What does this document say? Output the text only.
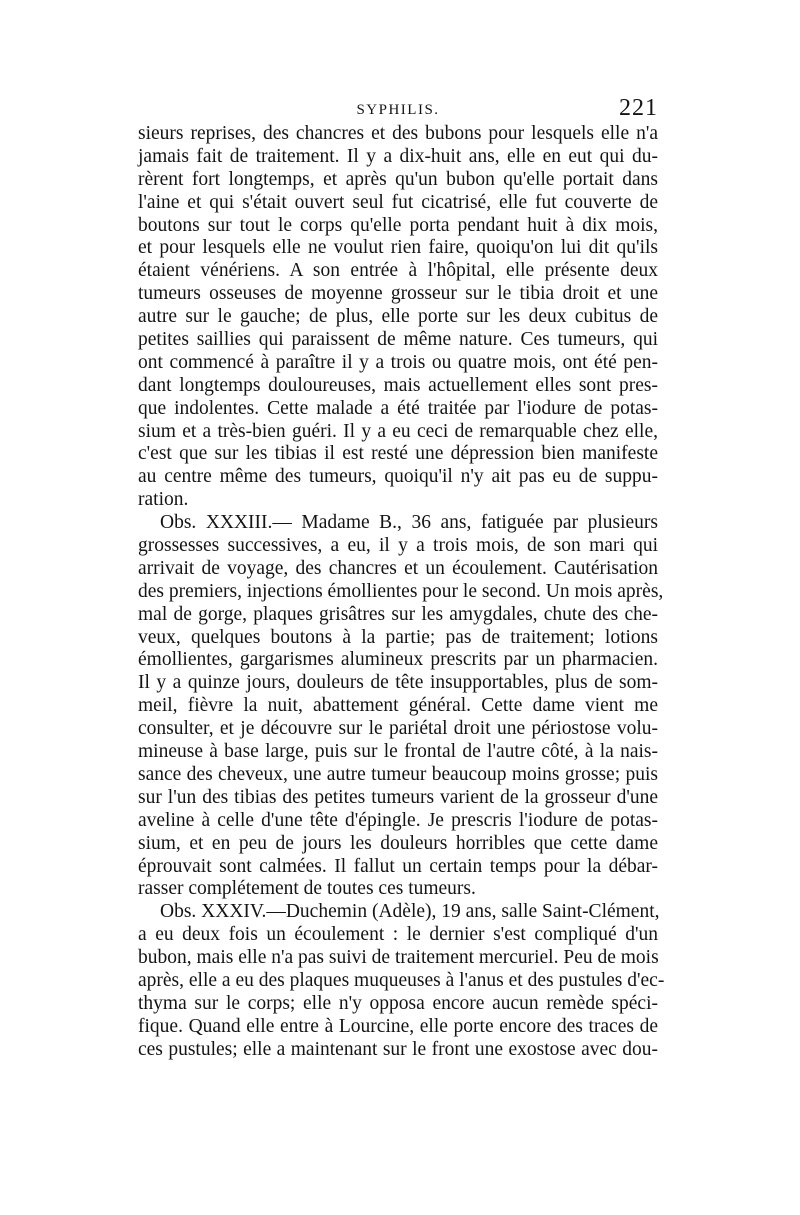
SYPHILIS.	221
sieurs reprises, des chancres et des bubons pour lesquels elle n'a
jamais fait de traitement. Il y a dix-huit ans, elle en eut qui du-
rèrent fort longtemps, et après qu'un bubon qu'elle portait dans
l'aine et qui s'était ouvert seul fut cicatrisé, elle fut couverte de
boutons sur tout le corps qu'elle porta pendant huit à dix mois,
et pour lesquels elle ne voulut rien faire, quoiqu'on lui dit qu'ils
étaient vénériens. A son entrée à l'hôpital, elle présente deux
tumeurs osseuses de moyenne grosseur sur le tibia droit et une
autre sur le gauche; de plus, elle porte sur les deux cubitus de
petites saillies qui paraissent de même nature. Ces tumeurs, qui
ont commencé à paraître il y a trois ou quatre mois, ont été pen-
dant longtemps douloureuses, mais actuellement elles sont pres-
que indolentes. Cette malade a été traitée par l'iodure de potas-
sium et a très-bien guéri. Il y a eu ceci de remarquable chez elle,
c'est que sur les tibias il est resté une dépression bien manifeste
au centre même des tumeurs, quoiqu'il n'y ait pas eu de suppu-
ration.
Obs. XXXIII.— Madame B., 36 ans, fatiguée par plusieurs
grossesses successives, a eu, il y a trois mois, de son mari qui
arrivait de voyage, des chancres et un écoulement. Cautérisation
des premiers, injections émollientes pour le second. Un mois après,
mal de gorge, plaques grisâtres sur les amygdales, chute des che-
veux, quelques boutons à la partie; pas de traitement; lotions
émollientes, gargarismes alumineux prescrits par un pharmacien.
Il y a quinze jours, douleurs de tête insupportables, plus de som-
meil, fièvre la nuit, abattement général. Cette dame vient me
consulter, et je découvre sur le pariétal droit une périostose volu-
mineuse à base large, puis sur le frontal de l'autre côté, à la nais-
sance des cheveux, une autre tumeur beaucoup moins grosse; puis
sur l'un des tibias des petites tumeurs varient de la grosseur d'une
aveline à celle d'une tête d'épingle. Je prescris l'iodure de potas-
sium, et en peu de jours les douleurs horribles que cette dame
éprouvait sont calmées. Il fallut un certain temps pour la débar-
rasser complétement de toutes ces tumeurs.
Obs. XXXIV.—Duchemin (Adèle), 19 ans, salle Saint-Clément,
a eu deux fois un écoulement : le dernier s'est compliqué d'un
bubon, mais elle n'a pas suivi de traitement mercuriel. Peu de mois
après, elle a eu des plaques muqueuses à l'anus et des pustules d'ec-
thyma sur le corps; elle n'y opposa encore aucun remède spéci-
fique. Quand elle entre à Lourcine, elle porte encore des traces de
ces pustules; elle a maintenant sur le front une exostose avec dou-
